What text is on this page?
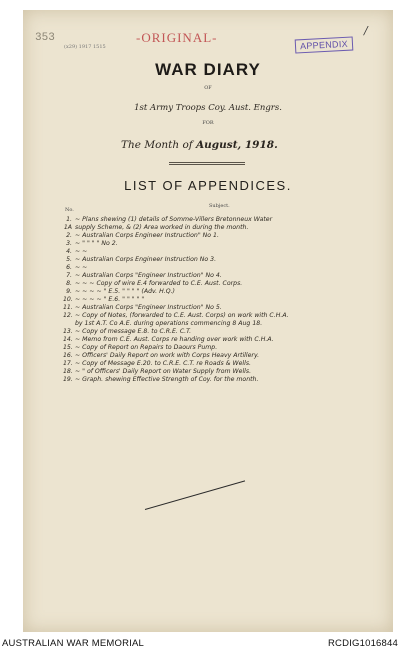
353
(x29) 1917 1515
-ORIGINAL-	APPENDIX
/
WAR DIARY
OF
1st Army Troops Coy. Aust. Engrs.
FOR
The Month of August, 1918.
LIST OF APPENDICES.
No.
Subject.
1. ~ Plans shewing (1) details of Somme-Villers Bretonneux Water
1A supply Scheme, & (2) Area worked in during the month.
2. ~ Australian Corps Engineer Instruction" No 1.
3. ~ " " " " No 2.
4. ~ ~
5. ~ Australian Corps Engineer Instruction No 3.
6. ~ ~
7. ~ Australian Corps "Engineer Instruction" No 4.
8. ~ ~ ~ Copy of wire E.4 forwarded to C.E. Aust. Corps.
9. ~ ~ ~ ~ " E.5. " " " " (Adv. H.Q.)
10. ~ ~ ~ ~ " E.6. " " " " "
11. ~ Australian Corps "Engineer Instruction" No 5.
12. ~ Copy of Notes, (forwarded to C.E. Aust. Corps) on work with C.H.A.
by 1st A.T. Co A.E. during operations commencing 8 Aug 18.
13. ~ Copy of message E.8. to C.R.E. C.T.
14. ~ Memo from C.E. Aust. Corps re handing over work with C.H.A.
15. ~ Copy of Report on Repairs to Daours Pump.
16. ~ Officers' Daily Report on work with Corps Heavy Artillery.
17. ~ Copy of Message E.20. to C.R.E. C.T. re Roads & Wells.
18. ~ " of Officers' Daily Report on Water Supply from Wells.
19. ~ Graph. shewing Effective Strength of Coy. for the month.
AUSTRALIAN WAR MEMORIAL	RCDIG1016844
